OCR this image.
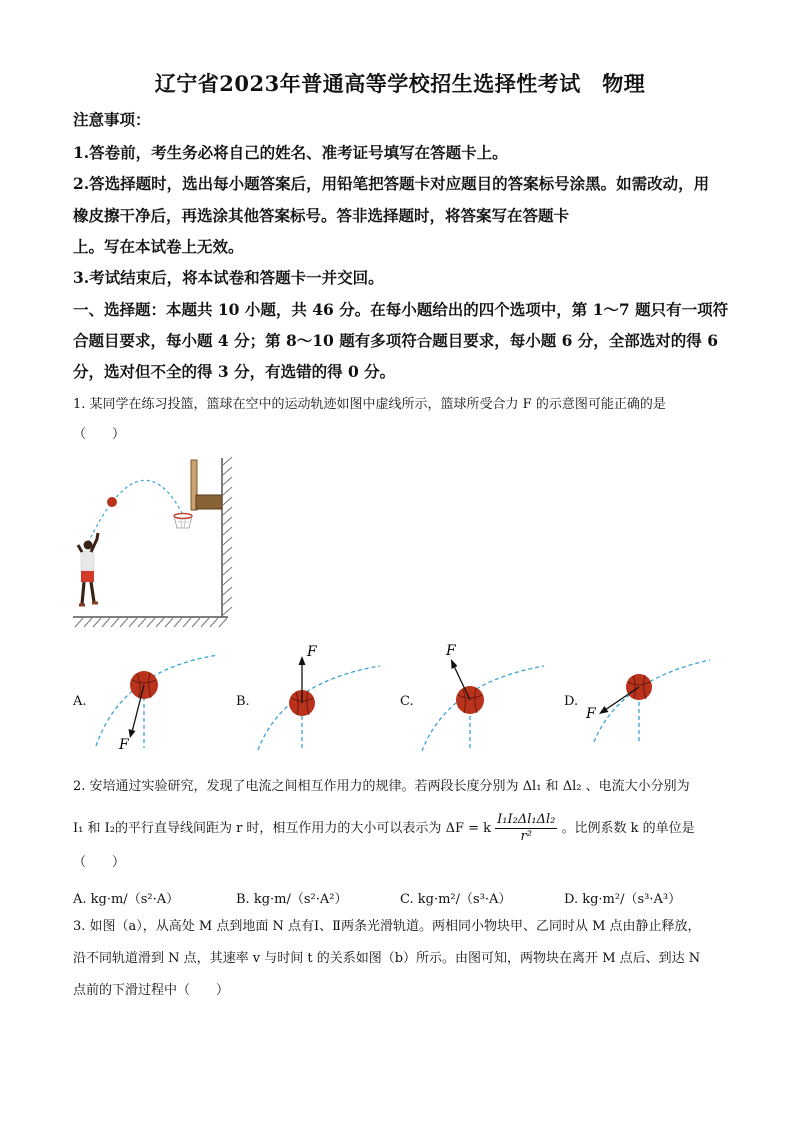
辽宁省2023年普通高等学校招生选择性考试　物理
注意事项：
1.答卷前，考生务必将自己的姓名、准考证号填写在答题卡上。
2.答选择题时，选出每小题答案后，用铅笔把答题卡对应题目的答案标号涂黑。如需改动，用
橡皮擦干净后，再选涂其他答案标号。答非选择题时，将答案写在答题卡
上。写在本试卷上无效。
3.考试结束后，将本试卷和答题卡一并交回。
一、选择题：本题共 10 小题，共 46 分。在每小题给出的四个选项中，第 1～7 题只有一项符
合题目要求，每小题 4 分；第 8～10 题有多项符合题目要求，每小题 6 分，全部选对的得 6
分，选对但不全的得 3 分，有选错的得 0 分。
1. 某同学在练习投篮，篮球在空中的运动轨迹如图中虚线所示，篮球所受合力 F 的示意图可能正确的是
（　　）
A.
F
B.
F
C.
F
D.
F
2. 安培通过实验研究，发现了电流之间相互作用力的规律。若两段长度分别为 Δl₁ 和 Δl₂ 、电流大小分别为
I₁ 和 I₂的平行直导线间距为 r 时，相互作用力的大小可以表示为 ΔF = k $\frac{\text{I₁I₂Δl₁Δl₂}}{\text{r²}}$ 。比例系数 k 的单位是
（　　）
A. kg·m/（s²·A）	B. kg·m/（s²·A²）	C. kg·m²/（s³·A）	D. kg·m²/（s³·A³）
3. 如图（a），从高处 M 点到地面 N 点有Ⅰ、Ⅱ两条光滑轨道。两相同小物块甲、乙同时从 M 点由静止释放，
沿不同轨道滑到 N 点，其速率 v 与时间 t 的关系如图（b）所示。由图可知，两物块在离开 M 点后、到达 N
点前的下滑过程中（　　）
